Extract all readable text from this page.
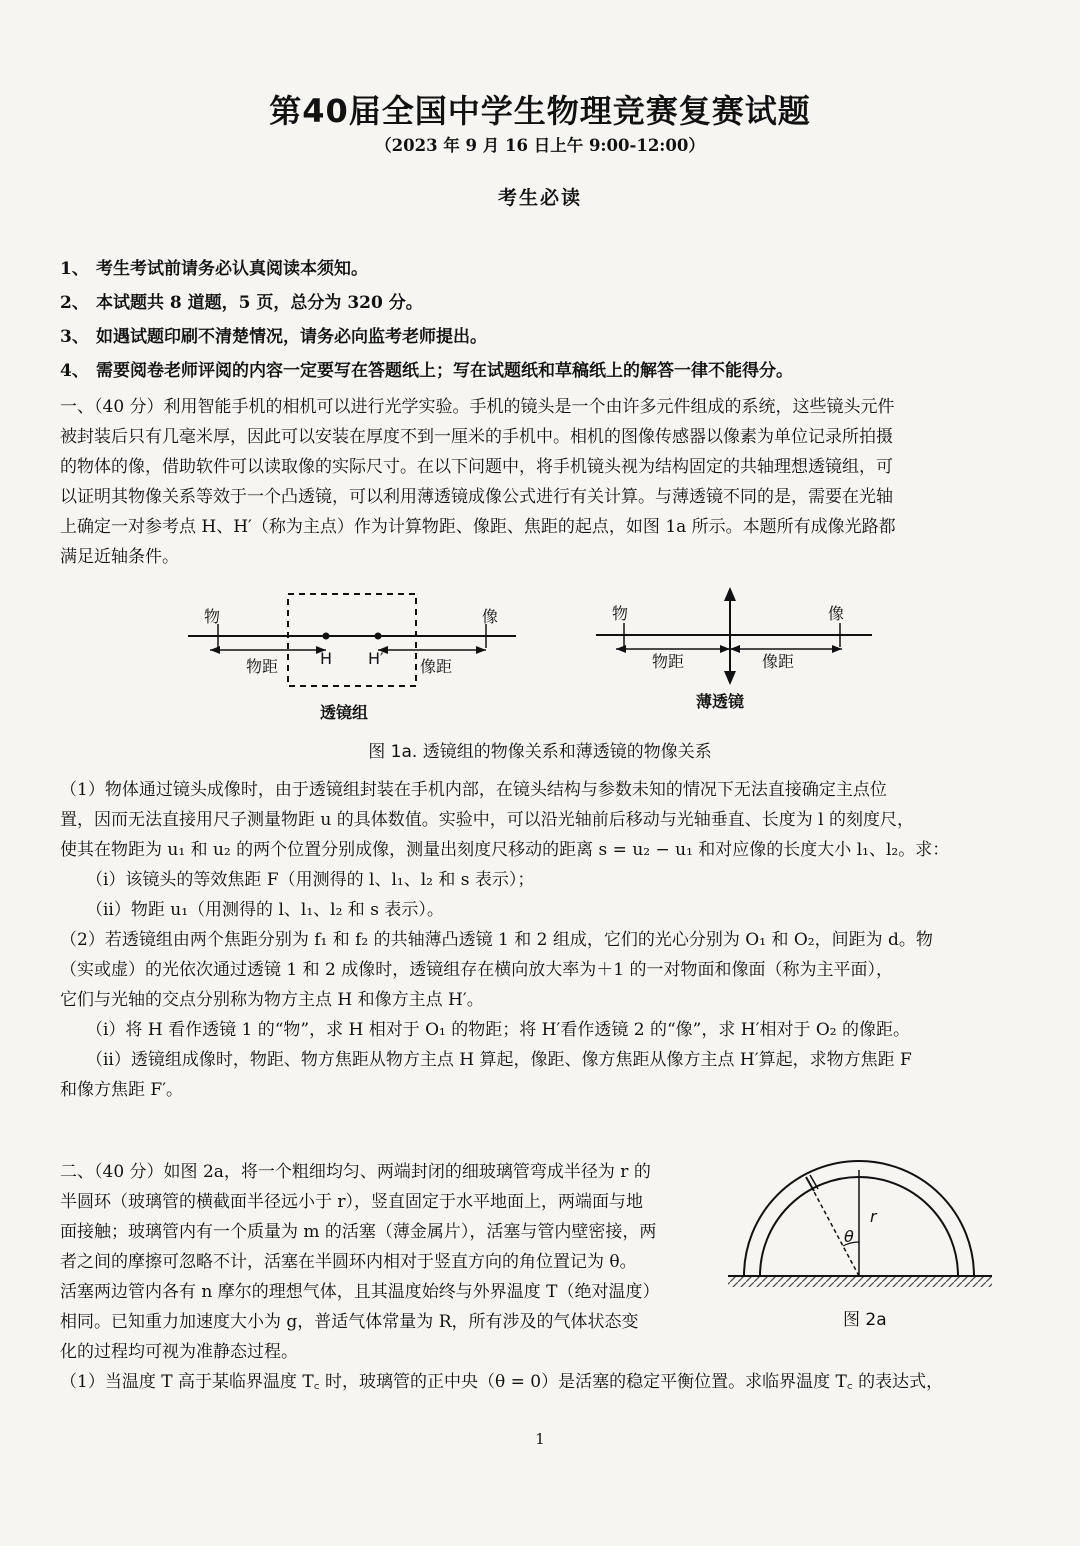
第40届全国中学生物理竞赛复赛试题
（2023 年 9 月 16 日上午 9:00-12:00）
考生必读
1、 考生考试前请务必认真阅读本须知。
2、 本试题共 8 道题，5 页，总分为 320 分。
3、 如遇试题印刷不清楚情况，请务必向监考老师提出。
4、 需要阅卷老师评阅的内容一定要写在答题纸上；写在试题纸和草稿纸上的解答一律不能得分。
一、（40 分）利用智能手机的相机可以进行光学实验。手机的镜头是一个由许多元件组成的系统，这些镜头元件
被封装后只有几毫米厚，因此可以安装在厚度不到一厘米的手机中。相机的图像传感器以像素为单位记录所拍摄
的物体的像，借助软件可以读取像的实际尺寸。在以下问题中，将手机镜头视为结构固定的共轴理想透镜组，可
以证明其物像关系等效于一个凸透镜，可以利用薄透镜成像公式进行有关计算。与薄透镜不同的是，需要在光轴
上确定一对参考点 H、H′（称为主点）作为计算物距、像距、焦距的起点，如图 1a 所示。本题所有成像光路都
满足近轴条件。
物	像
物距	H H′ 像距
透镜组
物	像
物距	像距
薄透镜
图 1a. 透镜组的物像关系和薄透镜的物像关系
（1）物体通过镜头成像时，由于透镜组封装在手机内部，在镜头结构与参数未知的情况下无法直接确定主点位
置，因而无法直接用尺子测量物距 u 的具体数值。实验中，可以沿光轴前后移动与光轴垂直、长度为 l 的刻度尺，
使其在物距为 u₁ 和 u₂ 的两个位置分别成像，测量出刻度尺移动的距离 s = u₂ − u₁ 和对应像的长度大小 l₁、l₂。求：
（i）该镜头的等效焦距 F（用测得的 l、l₁、l₂ 和 s 表示）；
（ii）物距 u₁（用测得的 l、l₁、l₂ 和 s 表示）。
（2）若透镜组由两个焦距分别为 f₁ 和 f₂ 的共轴薄凸透镜 1 和 2 组成，它们的光心分别为 O₁ 和 O₂，间距为 d。物
（实或虚）的光依次通过透镜 1 和 2 成像时，透镜组存在横向放大率为＋1 的一对物面和像面（称为主平面），
它们与光轴的交点分别称为物方主点 H 和像方主点 H′。
（i）将 H 看作透镜 1 的“物”，求 H 相对于 O₁ 的物距；将 H′看作透镜 2 的“像”，求 H′相对于 O₂ 的像距。
（ii）透镜组成像时，物距、物方焦距从物方主点 H 算起，像距、像方焦距从像方主点 H′算起，求物方焦距 F
和像方焦距 F′。
二、（40 分）如图 2a，将一个粗细均匀、两端封闭的细玻璃管弯成半径为 r 的
半圆环（玻璃管的横截面半径远小于 r），竖直固定于水平地面上，两端面与地
面接触；玻璃管内有一个质量为 m 的活塞（薄金属片），活塞与管内壁密接，两
者之间的摩擦可忽略不计，活塞在半圆环内相对于竖直方向的角位置记为 θ。
活塞两边管内各有 n 摩尔的理想气体，且其温度始终与外界温度 T（绝对温度）
相同。已知重力加速度大小为 g，普适气体常量为 R，所有涉及的气体状态变
化的过程均可视为准静态过程。
θ
r
图 2a
（1）当温度 T 高于某临界温度 T꜀ 时，玻璃管的正中央（θ = 0）是活塞的稳定平衡位置。求临界温度 T꜀ 的表达式，
1
